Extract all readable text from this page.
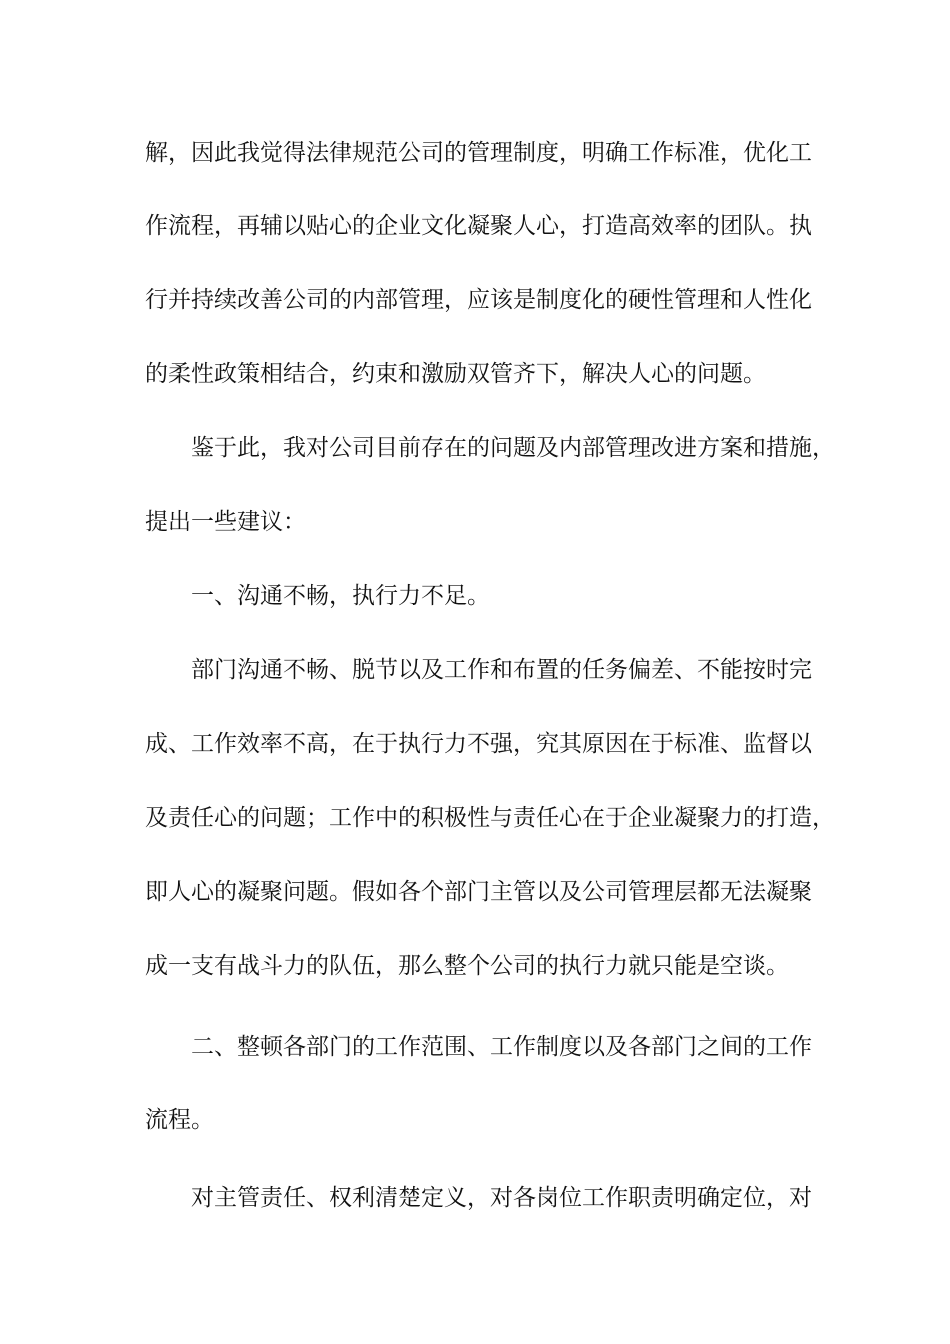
解，因此我觉得法律规范公司的管理制度，明确工作标准，优化工
作流程，再辅以贴心的企业文化凝聚人心，打造高效率的团队。执
行并持续改善公司的内部管理，应该是制度化的硬性管理和人性化
的柔性政策相结合，约束和激励双管齐下，解决人心的问题。
鉴于此，我对公司目前存在的问题及内部管理改进方案和措施，
提出一些建议：
一、沟通不畅，执行力不足。
部门沟通不畅、脱节以及工作和布置的任务偏差、不能按时完
成、工作效率不高，在于执行力不强，究其原因在于标准、监督以
及责任心的问题；工作中的积极性与责任心在于企业凝聚力的打造，
即人心的凝聚问题。假如各个部门主管以及公司管理层都无法凝聚
成一支有战斗力的队伍，那么整个公司的执行力就只能是空谈。
二、整顿各部门的工作范围、工作制度以及各部门之间的工作
流程。
对主管责任、权利清楚定义，对各岗位工作职责明确定位，对
